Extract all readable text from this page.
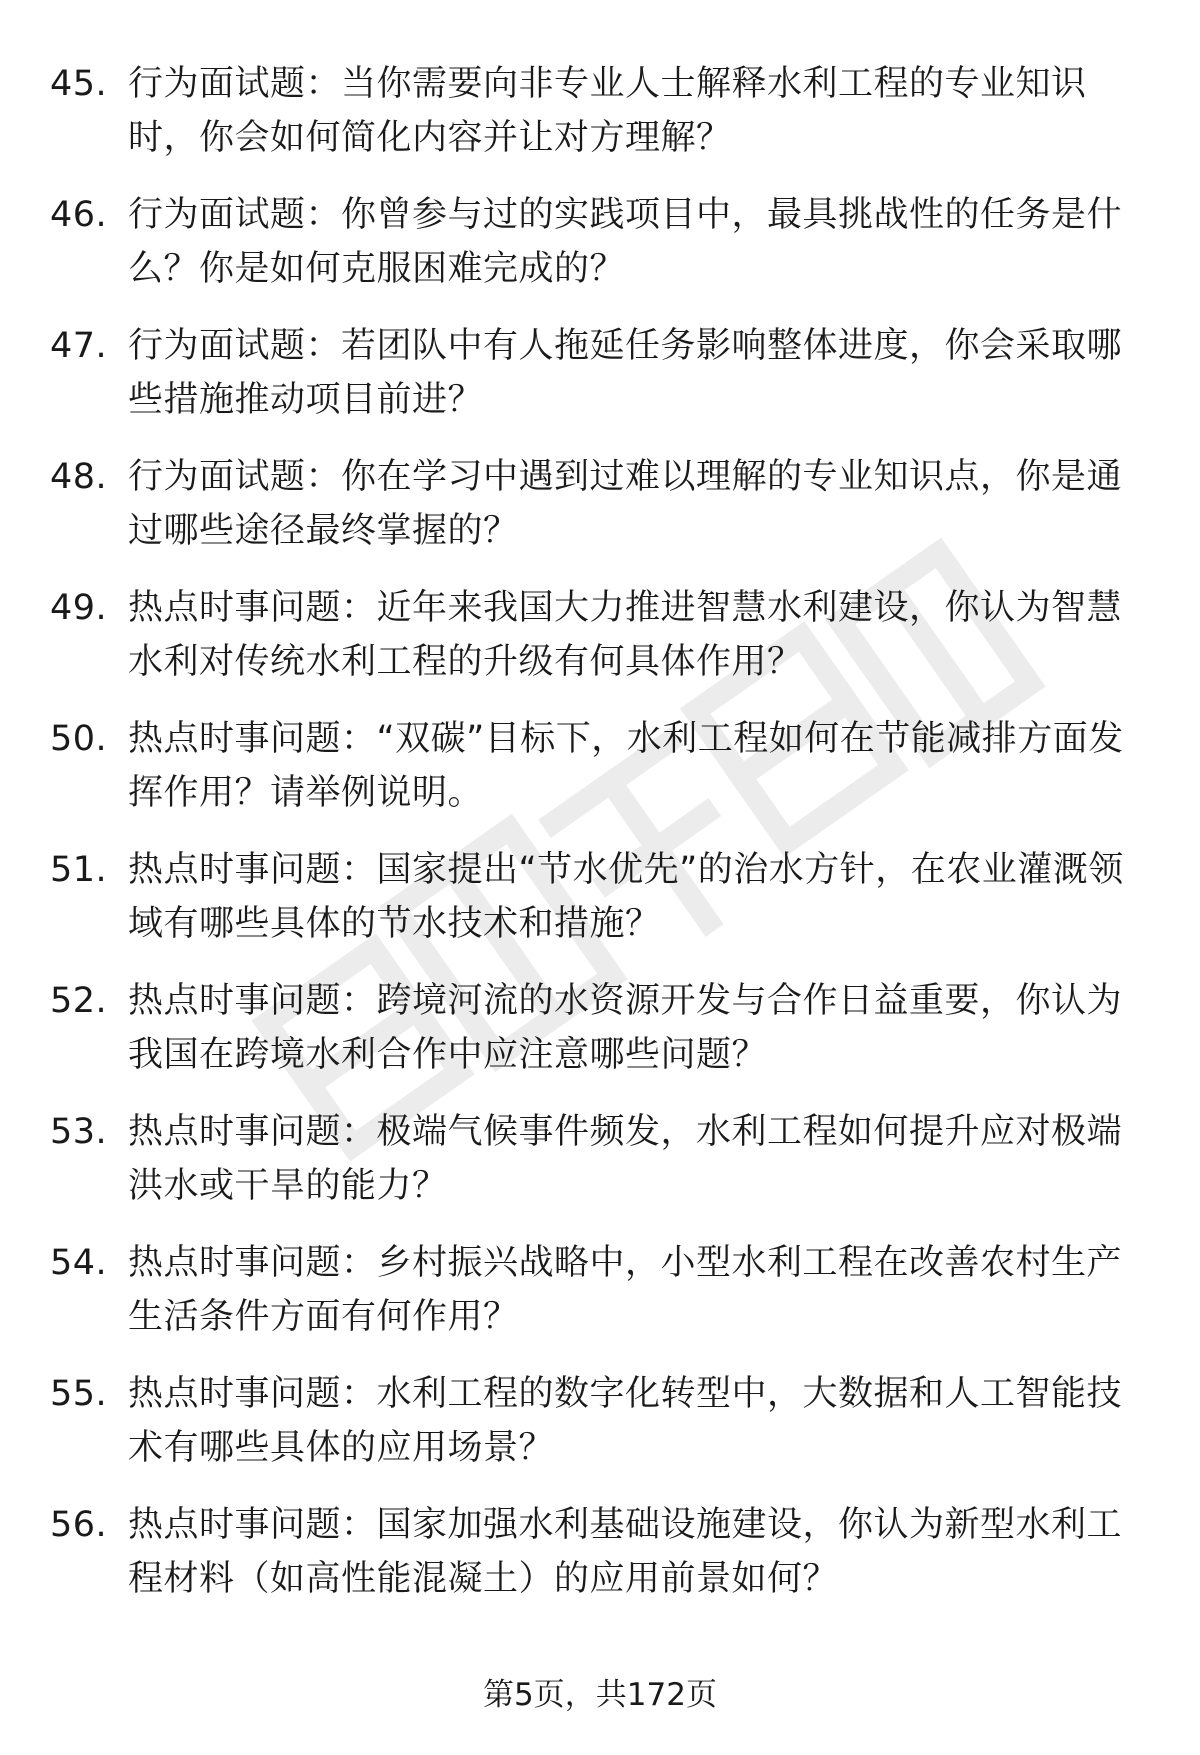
45. 行为面试题：当你需要向非专业人士解释水利工程的专业知识时，你会如何简化内容并让对方理解？
46. 行为面试题：你曾参与过的实践项目中，最具挑战性的任务是什么？你是如何克服困难完成的？
47. 行为面试题：若团队中有人拖延任务影响整体进度，你会采取哪些措施推动项目前进？
48. 行为面试题：你在学习中遇到过难以理解的专业知识点，你是通过哪些途径最终掌握的？
49. 热点时事问题：近年来我国大力推进智慧水利建设，你认为智慧水利对传统水利工程的升级有何具体作用？
50. 热点时事问题：“双碳”目标下，水利工程如何在节能减排方面发挥作用？请举例说明。
51. 热点时事问题：国家提出“节水优先”的治水方针，在农业灌溉领域有哪些具体的节水技术和措施？
52. 热点时事问题：跨境河流的水资源开发与合作日益重要，你认为我国在跨境水利合作中应注意哪些问题？
53. 热点时事问题：极端气候事件频发，水利工程如何提升应对极端洪水或干旱的能力？
54. 热点时事问题：乡村振兴战略中，小型水利工程在改善农村生产生活条件方面有何作用？
55. 热点时事问题：水利工程的数字化转型中，大数据和人工智能技术有哪些具体的应用场景？
56. 热点时事问题：国家加强水利基础设施建设，你认为新型水利工程材料（如高性能混凝土）的应用前景如何？
第5页，共172页
